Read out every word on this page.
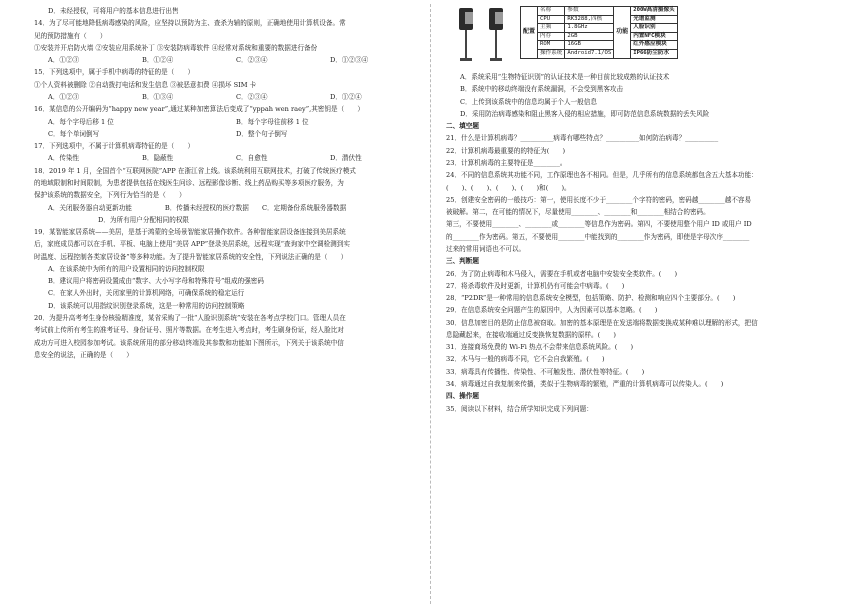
D．未经授权，可将用户的基本信息进行出售
14．为了尽可能地降低病毒感染的风险，应坚持以预防为主、查杀为辅的原则，正确地使用计算机设备。常
见的预防措施有（　　）
①安装并开启防火墙 ②安装应用系统补丁 ③安装防病毒软件 ④经常对系统和重要的数据进行备份
A．①②③	B．①②④	C．②③④	D．①②③④
15．下列选项中，属于手机中病毒的特征的是（　　）
①个人资料被删除 ②自动拨打电话和发生信息 ③被恶意扣费 ④损坏 SIM 卡
A．①②③	B．①③④	C．②③④	D．①②④
16．某信息的公开编码为“happy new year”,通过某种加密算法后变成了“yppah wen raey”,其密钥是（　　）
A．每个字母后移 1 位	B．每个字母往前移 1 位
C．每个单词倒写	D．整个句子倒写
17．下列选项中，不属于计算机病毒特征的是（　　）
A．传染性	B．隐蔽性	C．自愈性	D．潜伏性
18．2019 年 1 月，全国首个“互联网医院”APP 在浙江省上线。该系统利用互联网技术，打破了传统医疗模式
的地域限制和时间限制，为患者提供包括在线医生问诊、远程影像诊断、线上药品购买等多项医疗服务，为
保护该系统的数据安全，下列行为恰当的是（　　）
A．关闭服务器自动更新功能　　　　　B．传播未经授权的医疗数据　　C．定期备份系统服务器数据
D．为所有用户分配相同的权限
19．某智能家居系统——美居，是基于鸿蒙的全场景智能家居操作软件。各种智能家居设备连接到美居系统
后，家庭成员都可以在手机、平板、电脑上使用“美居 APP”登录美居系统，远程实现“查询家中空调检测到实
时温度、远程控制各类家居设备”等多种功能。为了提升智能家居系统的安全性，下列说法正确的是（　　）
A．在该系统中为所有的用户设置相同的访问控制权限
B．建议用户将密码设置成由“数字、大小写字母和特殊符号”组成的强密码
C．在家人外出时，关闭家里的计算机网络，可确保系统的稳定运行
D．该系统可以用指纹识别登录系统，这是一种常用的访问控制策略
20．为提升高考考生身份核验精准度，某省采购了一批“人脸识别系统”安装在各考点学校门口。管理人员在
考试前上传所有考生的准考证号、身份证号、照片等数据。在考生进入考点时，考生刷身份证，经人脸比对
成功方可进入校园参加考试。该系统所用的部分移动终端及其参数和功能如下图所示，下列关于该系统中信
息安全的说法，正确的是（　　）
配置	名称	参数	功能	200W高清摄像头
	CPU	RK3288,四核		光谱监测
	主频	1.8GHz		人脸识别
	内存	2GB		内置NFC模块
	ROM	16GB		红外感应模块
	操作系统	Android7.1/OS		IP66防尘防水
A．系统采用“生物特征识别”的认证技术是一种目前比较成熟的认证技术
B．系统中的移动终端没有系统漏洞，不会受到黑客攻击
C．上传到该系统中的信息均属于个人一般信息
D．采用防治病毒感染和阻止黑客入侵的相应措施，即可防范信息系统数据的丢失风险
二、填空题
21．什么是计算机病毒？__________病毒有哪些特点？__________如何防治病毒？__________
22．计算机病毒最重要的的特征为(　　)
23．计算机病毒的主要特征是________。
24．不同的信息系统其功能不同，工作原理也各不相同。但是，几乎所有的信息系统都包含五大基本功能：
(　　)、(　　)、(　　)、(　　)和(　　)。
25．创建安全密码的一般技巧：第一，使用长度不少于________个字符的密码，密码越________越不容易
被破解。第二，在可能的情况下，尽量使用________、________和________相结合的密码。
第三，不要使用________、________或________等信息作为密码。第四，不要使用整个用户 ID 或用户 ID
的________作为密码。第五，不要使用________中能找到的________作为密码，即使是字母次序________
过来的常用词语也不可以。
三、判断题
26．为了防止病毒和木马侵入，需要在手机或者电脑中安装安全类软件。(　　)
27．将杀毒软件及时更新，计算机仍有可能会中病毒。(　　)
28．“P2DR”是一种常用的信息系统安全模型，包括策略、防护、检测和响应四个主要部分。(　　)
29．在信息系统安全问题产生的原因中，人为因素可以基本忽略。(　　)
30．信息加密目的是防止信息被窃取。加密的基本原理是在发送端将数据变换成某种难以理解的形式，把信
息隐藏起来，在接收端通过反变换恢复数据的原样。(　　)
31．连接商场免费的 Wi-Fi 热点不会带来信息系统风险。(　　)
32．木马与一般的病毒不同，它不会自我繁殖。(　　)
33．病毒具有传播性、传染性、不可触发性、潜伏性等特征。(　　)
34．病毒通过自我复制来传播，类似于生物病毒的繁殖，严重的计算机病毒可以传染人。(　　)
四、操作题
35．阅读以下材料，结合所学知识完成下列问题：
